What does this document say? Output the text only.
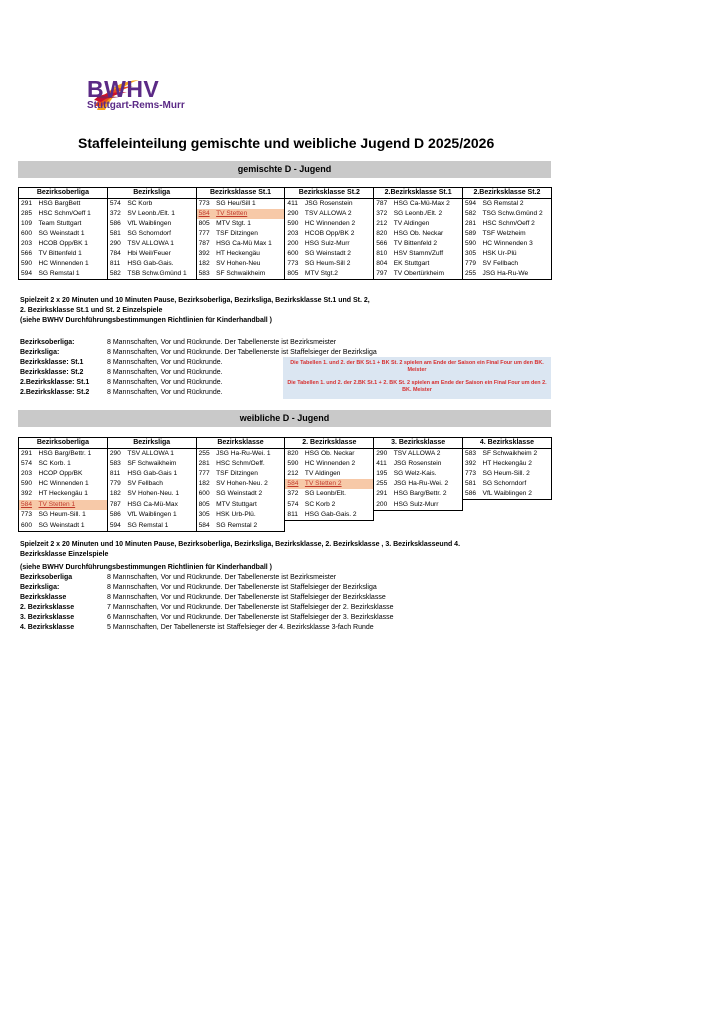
BWHV
Stuttgart-Rems-Murr
Staffeleinteilung gemischte und weibliche Jugend D 2025/2026
gemischte D - Jugend
Bezirksoberliga		Bezirksliga		Bezirksklasse St.1		Bezirksklasse St.2		2.Bezirksklasse St.1		2.Bezirksklasse St.2	
291	HSG BargBett	574	SC Korb	773	SG Heu/Sill 1	411	JSG Rosenstein	787	HSG Ca-Mü-Max 2	594	SG Remstal 2
285	HSC Schm/Oeff 1	372	SV Leonb./Elt. 1	584	TV Stetten	290	TSV ALLOWA 2	372	SG Leonb./Elt. 2	582	TSG Schw.Gmünd 2
109	Team Stuttgart	586	VfL Waiblingen	805	MTV Stgt. 1	590	HC Winnenden 2	212	TV Aldingen	281	HSC Schm/Oeff 2
600	SG Weinstadt 1	581	SG Schorndorf	777	TSF Ditzingen	203	HCOB Opp/BK 2	820	HSG Ob. Neckar	589	TSF Welzheim
203	HCOB Opp/BK 1	290	TSV ALLOWA 1	787	HSG Ca-Mü Max 1	200	HSG Sulz-Murr	566	TV Bittenfeld 2	590	HC Winnenden 3
566	TV Bittenfeld 1	784	Hbi Weil/Feuer	392	HT Heckengäu	600	SG Weinstadt 2	810	HSV Stamm/Zuff	305	HSK Ur-Plü
590	HC Winnenden 1	811	HSG Gab-Gais.	182	SV Hohen-Neu	773	SG Heum-Sill 2	804	EK Stuttgart	779	SV Fellbach
594	SG Remstal 1	582	TSB Schw.Gmünd 1	583	SF Schwaikheim	805	MTV Stgt.2	797	TV Obertürkheim	255	JSG Ha-Ru-We
Spielzeit 2 x 20 Minuten und 10 Minuten Pause, Bezirksoberliga, Bezirksliga, Bezirksklasse St.1 und St. 2,
2. Bezirksklasse St.1 und St. 2 Einzelspiele
(siehe BWHV Durchführungsbestimmungen Richtlinien für Kinderhandball )
Die Tabellen 1. und 2. der BK St.1 + BK St. 2 spielen am Ende der Saison ein Final Four um den BK. Meister
Die Tabellen 1. und 2. der 2.BK St.1 + 2. BK St. 2 spielen am Ende der Saison ein Final Four um den 2. BK. Meister
Bezirksoberliga:	8 Mannschaften, Vor und Rückrunde. Der Tabellenerste ist Bezirksmeister
Bezirksliga:	8 Mannschaften, Vor und Rückrunde. Der Tabellenerste ist Staffelsieger der Bezirksliga
Bezirksklasse: St.1	8 Mannschaften, Vor und Rückrunde.
Bezirksklasse: St.2	8 Mannschaften, Vor und Rückrunde.
2.Bezirksklasse: St.1	8 Mannschaften, Vor und Rückrunde.
2.Bezirksklasse: St.2	8 Mannschaften, Vor und Rückrunde.
weibliche D - Jugend
Bezirksoberliga		Bezirksliga		Bezirksklasse		2. Bezirksklasse		3. Bezirksklasse		4. Bezirksklasse	
291	HSG Barg/Bettr. 1	290	TSV ALLOWA 1	255	JSG Ha-Ru-Wei. 1	820	HSG Ob. Neckar	290	TSV ALLOWA 2	583	SF Schwaikheim 2
574	SC Korb. 1	583	SF Schwaikheim	281	HSC Schm/Oeff.	590	HC Winnenden 2	411	JSG Rosenstein	392	HT Heckengäu 2
203	HCOP Opp/BK	811	HSG Gab-Gais 1	777	TSF Ditzingen	212	TV Aldingen	195	SG Welz-Kais.	773	SG Heum-Sill. 2
590	HC Winnenden 1	779	SV Fellbach	182	SV Hohen-Neu. 2	584	TV Stetten 2	255	JSG Ha-Ru-Wei. 2	581	SG Schorndorf
392	HT Heckengäu 1	182	SV Hohen-Neu. 1	600	SG Weinstadt 2	372	SG Leonb/Elt.	291	HSG Barg/Bettr. 2	586	VfL Waiblingen 2
584	TV Stetten 1	787	HSG Ca-Mü-Max	805	MTV Stuttgart	574	SC Korb 2	200	HSG Sulz-Murr		
773	SG Heum-Sill. 1	586	VfL Waiblingen 1	305	HSK Urb-Plü.	811	HSG Gab-Gais. 2				
600	SG Weinstadt 1	594	SG Remstal 1	584	SG Remstal 2						
Spielzeit 2 x 20 Minuten und 10 Minuten Pause, Bezirksoberliga, Bezirksliga, Bezirksklasse, 2. Bezirksklasse , 3. Bezirksklasseund 4.
Bezirksklasse Einzelspiele
(siehe BWHV Durchführungsbestimmungen Richtlinien für Kinderhandball )
Bezirksoberliga	8 Mannschaften, Vor und Rückrunde. Der Tabellenerste ist Bezirksmeister
Bezirksliga:	8 Mannschaften, Vor und Rückrunde. Der Tabellenerste ist Staffelsieger der Bezirksliga
Bezirksklasse	8 Mannschaften, Vor und Rückrunde. Der Tabellenerste ist Staffelsieger der Bezirksklasse
2. Bezirksklasse	7 Mannschaften, Vor und Rückrunde. Der Tabellenerste ist Staffelsieger der 2. Bezirksklasse
3. Bezirksklasse	6 Mannschaften, Vor und Rückrunde. Der Tabellenerste ist Staffelsieger der 3. Bezirksklasse
4. Bezirksklasse	5 Mannschaften, Der Tabellenerste ist Staffelsieger der 4. Bezirksklasse 3-fach Runde
